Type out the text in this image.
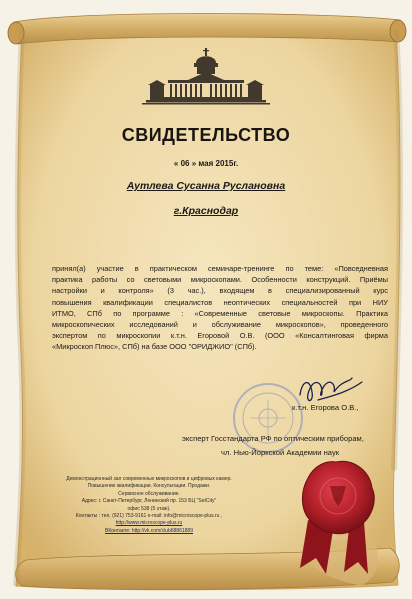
СВИДЕТЕЛЬСТВО

« 06 » мая 2015г.

Аутлева Сусанна Руслановна

г.Краснодар

принял(а) участие в практическом семинаре-тренинге по теме: «Повседневная
практика работы со световыми микроскопами. Особенности конструкций. Приёмы
настройки и контроля» (3 час.), входящем в специализированный курс
повышения квалификации специалистов неоптических специальностей при НИУ
ИТМО, СПб по программе : «Современные световые микроскопы. Практика
микроскопических исследований и обслуживание микроскопов», проведенного
экспертом по микроскопии к.т.н. Егоровой О.В. (ООО «Консалтинговая фирма
«Микроскоп Плюс», СПб) на базе ООО "ОРИДЖИО" (СПб).

к.т.н. Егорова О.В.,

эксперт Госстандарта РФ по оптическим приборам,

чл. Нью-Йоркской Академии наук

Демонстрационный зал современных микроскопов и цифровых камер.
Повышение квалификации. Консультации. Продажи.
Сервисное обслуживание.
Адрес: г. Санкт-Петербург, Ленинский пр. 153 БЦ "SetCity"
офис 538 (5 этаж).
Контакты : тел. (921) 753-9161 e-mail: info@microscope-plus.ru ,
http://www.microscope-plus.ru
ВКонтакте: http://vk.com/club68861889
